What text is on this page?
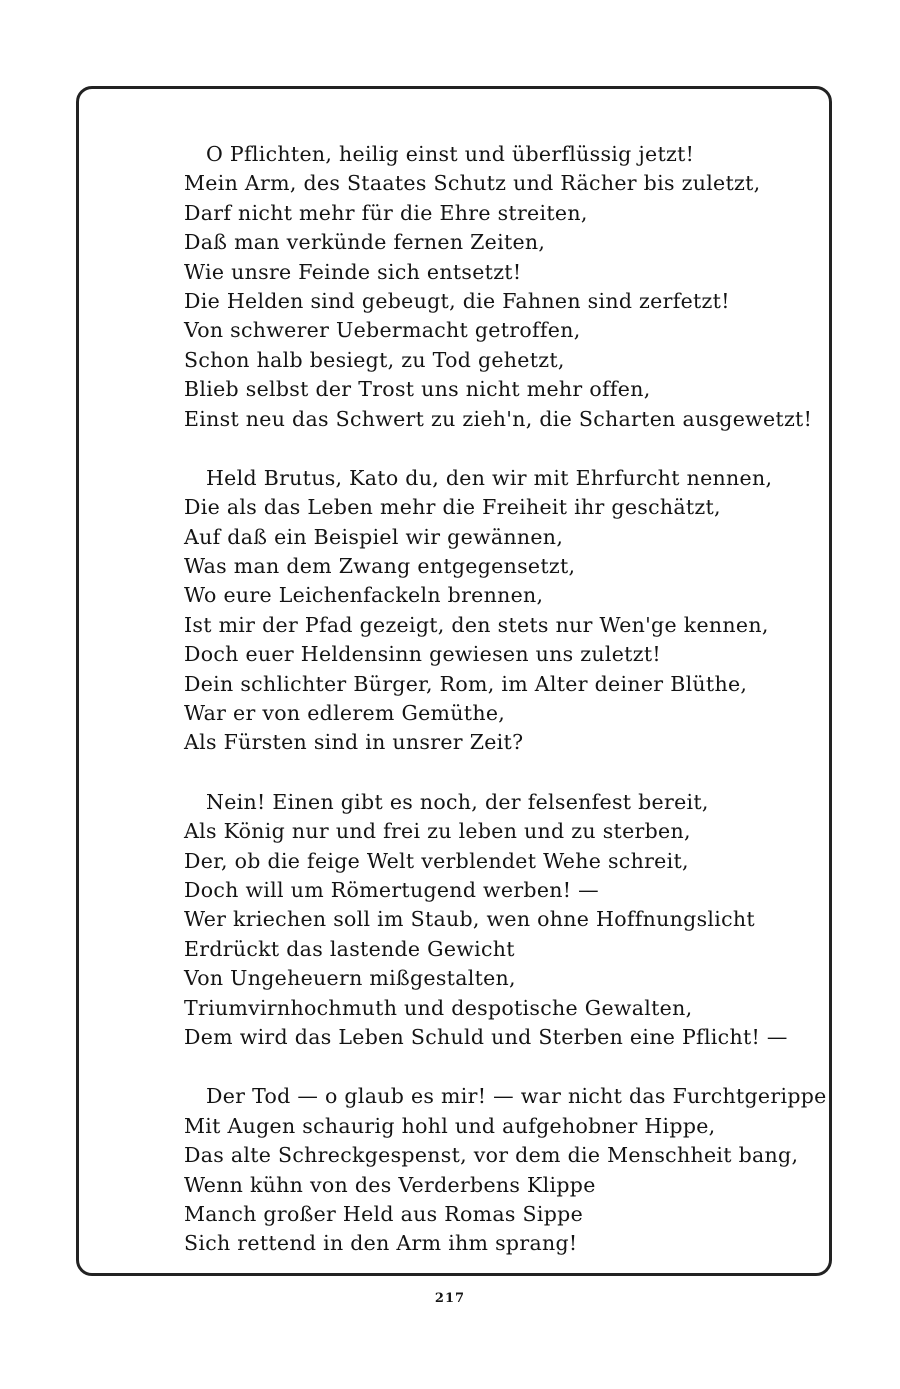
O Pflichten, heilig einst und überflüssig jetzt!
Mein Arm, des Staates Schutz und Rächer bis zuletzt,
Darf nicht mehr für die Ehre streiten,
Daß man verkünde fernen Zeiten,
Wie unsre Feinde sich entsetzt!
Die Helden sind gebeugt, die Fahnen sind zerfetzt!
Von schwerer Uebermacht getroffen,
Schon halb besiegt, zu Tod gehetzt,
Blieb selbst der Trost uns nicht mehr offen,
Einst neu das Schwert zu zieh'n, die Scharten ausgewetzt!
Held Brutus, Kato du, den wir mit Ehrfurcht nennen,
Die als das Leben mehr die Freiheit ihr geschätzt,
Auf daß ein Beispiel wir gewännen,
Was man dem Zwang entgegensetzt,
Wo eure Leichenfackeln brennen,
Ist mir der Pfad gezeigt, den stets nur Wen'ge kennen,
Doch euer Heldensinn gewiesen uns zuletzt!
Dein schlichter Bürger, Rom, im Alter deiner Blüthe,
War er von edlerem Gemüthe,
Als Fürsten sind in unsrer Zeit?
Nein! Einen gibt es noch, der felsenfest bereit,
Als König nur und frei zu leben und zu sterben,
Der, ob die feige Welt verblendet Wehe schreit,
Doch will um Römertugend werben! —
Wer kriechen soll im Staub, wen ohne Hoffnungslicht
Erdrückt das lastende Gewicht
Von Ungeheuern mißgestalten,
Triumvirnhochmuth und despotische Gewalten,
Dem wird das Leben Schuld und Sterben eine Pflicht! —
Der Tod — o glaub es mir! — war nicht das Furchtgerippe
Mit Augen schaurig hohl und aufgehobner Hippe,
Das alte Schreckgespenst, vor dem die Menschheit bang,
Wenn kühn von des Verderbens Klippe
Manch großer Held aus Romas Sippe
Sich rettend in den Arm ihm sprang!
217
